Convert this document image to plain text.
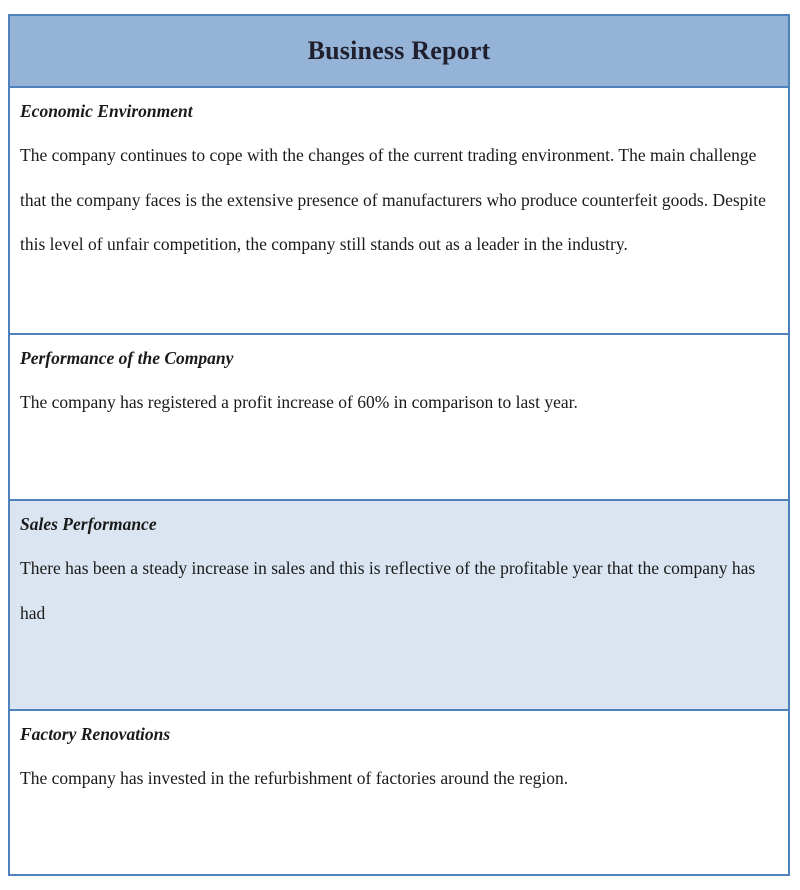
Business Report

Economic Environment

The company continues to cope with the changes of the current trading environment. The main challenge that the company faces is the extensive presence of manufacturers who produce counterfeit goods. Despite this level of unfair competition, the company still stands out as a leader in the industry.

Performance of the Company

The company has registered a profit increase of 60% in comparison to last year.

Sales Performance

There has been a steady increase in sales and this is reflective of the profitable year that the company has had

Factory Renovations

The company has invested in the refurbishment of factories around the region.
